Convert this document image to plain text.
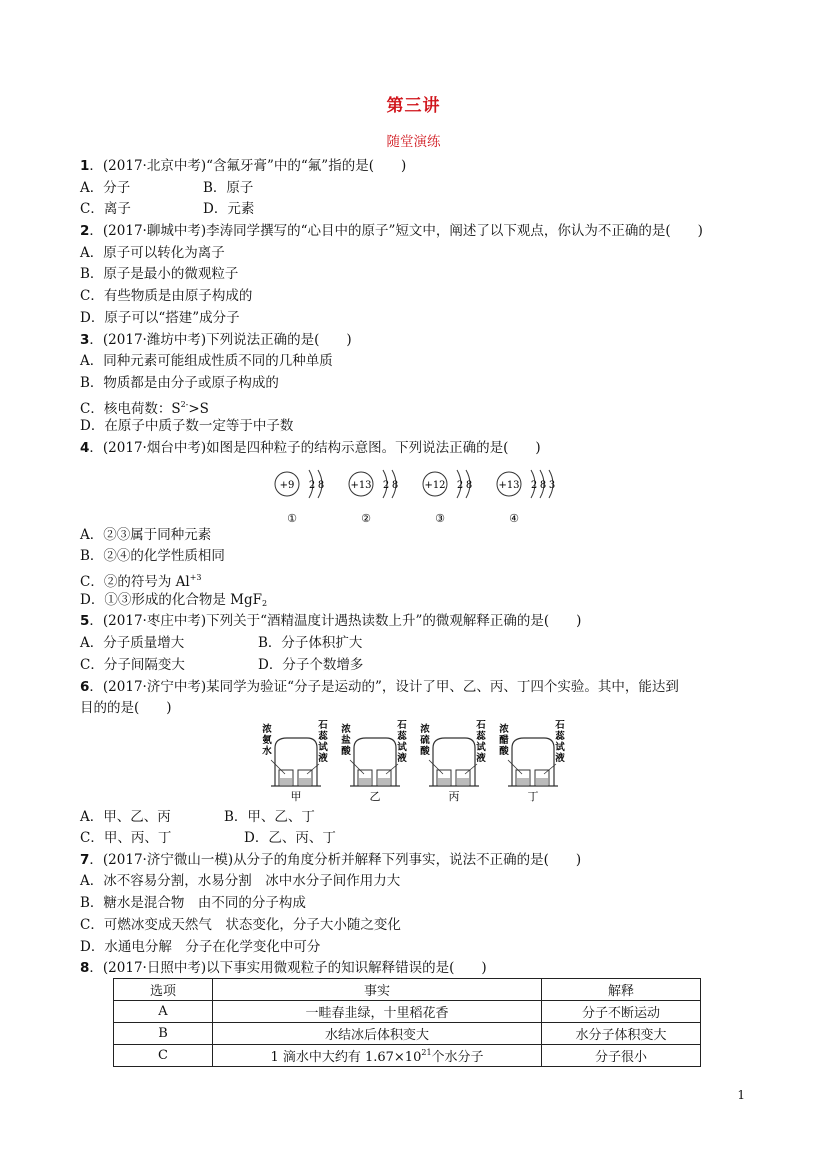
第三讲
随堂演练
1．(2017·北京中考)“含氟牙膏”中的“氟”指的是(　　)
A．分子	B．原子
C．离子	D．元素
2．(2017·聊城中考)李涛同学撰写的“心目中的原子”短文中，阐述了以下观点，你认为不正确的是(　　)
A．原子可以转化为离子
B．原子是最小的微观粒子
C．有些物质是由原子构成的
D．原子可以“搭建”成分子
3．(2017·潍坊中考)下列说法正确的是(　　)
A．同种元素可能组成性质不同的几种单质
B．物质都是由分子或原子构成的
C．核电荷数：$S^{2-}>S$
D．在原子中质子数一定等于中子数
4．(2017·烟台中考)如图是四种粒子的结构示意图。下列说法正确的是(　　)
+9 2 8
①
+13 2 8
②
+12 2 8
③
+13 2 8 3
④
A．②③属于同种元素
B．②④的化学性质相同
C．②的符号为 $Al^{+3}$
D．①③形成的化合物是 MgF$_2$
5．(2017·枣庄中考)下列关于“酒精温度计遇热读数上升”的微观解释正确的是(　　)
A．分子质量增大	B．分子体积扩大
C．分子间隔变大	D．分子个数增多
6．(2017·济宁中考)某同学为验证“分子是运动的”，设计了甲、乙、丙、丁四个实验。其中，能达到
目的的是(　　)
浓
氨
水
石
蕊
试
液
甲
浓
盐
酸
石
蕊
试
液
乙
浓
硫
酸
石
蕊
试
液
丙
浓
醋
酸
石
蕊
试
液
丁
A．甲、乙、丙	B．甲、乙、丁
C．甲、丙、丁	D．乙、丙、丁
7．(2017·济宁微山一模)从分子的角度分析并解释下列事实，说法不正确的是(　　)
A．冰不容易分割，水易分割　冰中水分子间作用力大
B．糖水是混合物　由不同的分子构成
C．可燃冰变成天然气　状态变化，分子大小随之变化
D．水通电分解　分子在化学变化中可分
8．(2017·日照中考)以下事实用微观粒子的知识解释错误的是(　　)
选项	事实	解释
A	一畦春韭绿，十里稻花香	分子不断运动
B	水结冰后体积变大	水分子体积变大
C	1 滴水中大约有 $1.67\times 10^{21}$个水分子	分子很小
1
